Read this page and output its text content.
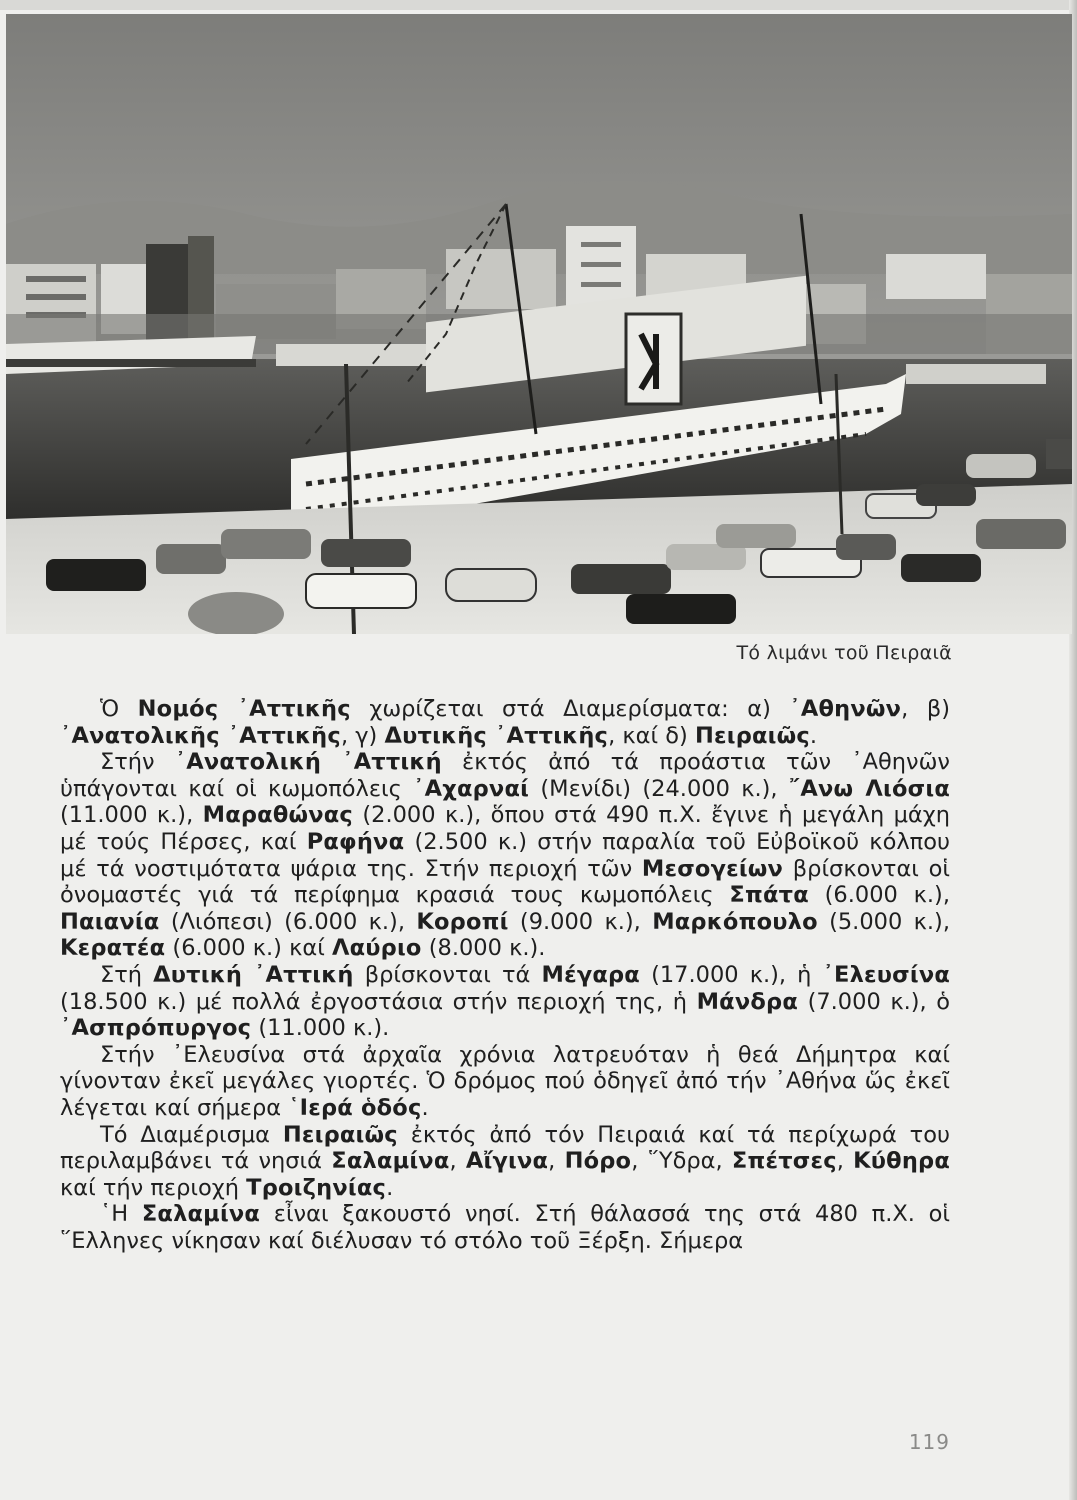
Τό λιμάνι τοῦ Πειραιᾶ

Ὁ Νομός ᾿Αττικῆς χωρίζεται στά Διαμερίσματα: α) ᾿Αθηνῶν, β) ᾿Ανατολικῆς ᾿Αττικῆς, γ) Δυτικῆς ᾿Αττικῆς, καί δ) Πειραιῶς.

Στήν ᾿Ανατολική ᾿Αττική ἐκτός ἀπό τά προάστια τῶν ᾿Αθηνῶν ὑπάγονται καί οἱ κωμοπόλεις ᾿Αχαρναί (Μενίδι) (24.000 κ.), ῎Ανω Λιόσια (11.000 κ.), Μαραθώνας (2.000 κ.), ὅπου στά 490 π.Χ. ἔγινε ἡ μεγάλη μάχη μέ τούς Πέρσες, καί Ραφήνα (2.500 κ.) στήν παραλία τοῦ Εὐβοϊκοῦ κόλπου μέ τά νοστιμότατα ψάρια της. Στήν περιοχή τῶν Μεσογείων βρίσκονται οἱ ὀνομαστές γιά τά περίφημα κρασιά τους κωμοπόλεις Σπάτα (6.000 κ.), Παιανία (Λιόπεσι) (6.000 κ.), Κοροπί (9.000 κ.), Μαρκόπουλο (5.000 κ.), Κερατέα (6.000 κ.) καί Λαύριο (8.000 κ.).

Στή Δυτική ᾿Αττική βρίσκονται τά Μέγαρα (17.000 κ.), ἡ ᾿Ελευσίνα (18.500 κ.) μέ πολλά ἐργοστάσια στήν περιοχή της, ἡ Μάνδρα (7.000 κ.), ὁ ᾿Ασπρόπυργος (11.000 κ.).

Στήν ᾿Ελευσίνα στά ἀρχαῖα χρόνια λατρευόταν ἡ θεά Δήμητρα καί γίνονταν ἐκεῖ μεγάλες γιορτές. Ὁ δρόμος πού ὁδηγεῖ ἀπό τήν ᾿Αθήνα ὥς ἐκεῖ λέγεται καί σήμερα ῾Ιερά ὁδός.

Τό Διαμέρισμα Πειραιῶς ἐκτός ἀπό τόν Πειραιά καί τά περίχωρά του περιλαμβάνει τά νησιά Σαλαμίνα, Αἴγινα, Πόρο, ῞Υδρα, Σπέτσες, Κύθηρα καί τήν περιοχή Τροιζηνίας.

῾Η Σαλαμίνα εἶναι ξακουστό νησί. Στή θάλασσά της στά 480 π.Χ. οἱ ῞Ελληνες νίκησαν καί διέλυσαν τό στόλο τοῦ Ξέρξη. Σήμερα

119
